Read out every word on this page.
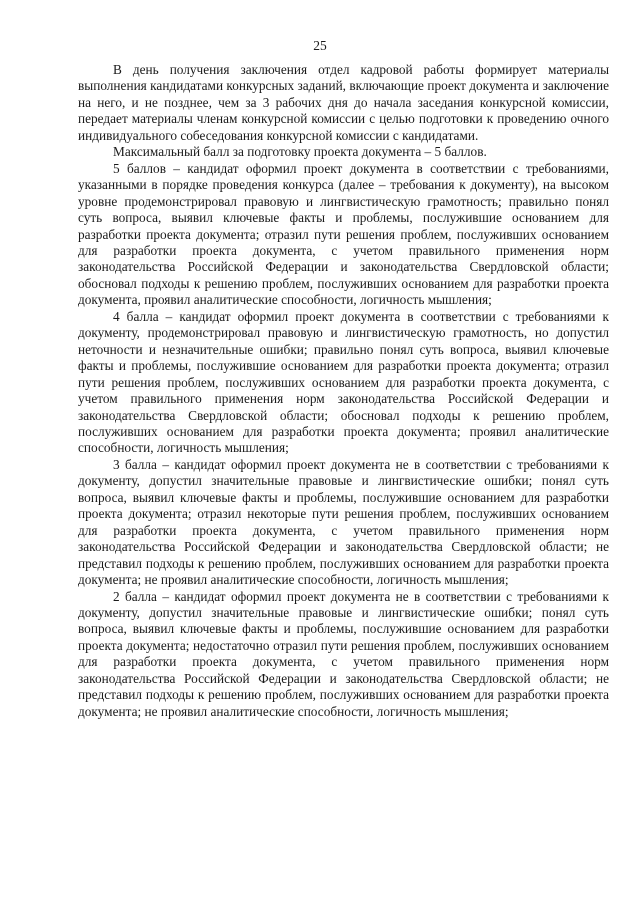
25

В день получения заключения отдел кадровой работы формирует материалы выполнения кандидатами конкурсных заданий, включающие проект документа и заключение на него, и не позднее, чем за 3 рабочих дня до начала заседания конкурсной комиссии, передает материалы членам конкурсной комиссии с целью подготовки к проведению очного индивидуального собеседования конкурсной комиссии с кандидатами.

Максимальный балл за подготовку проекта документа – 5 баллов.

5 баллов – кандидат оформил проект документа в соответствии с требованиями, указанными в порядке проведения конкурса (далее – требования к документу), на высоком уровне продемонстрировал правовую и лингвистическую грамотность; правильно понял суть вопроса, выявил ключевые факты и проблемы, послужившие основанием для разработки проекта документа; отразил пути решения проблем, послуживших основанием для разработки проекта документа, с учетом правильного применения норм законодательства Российской Федерации и законодательства Свердловской области; обосновал подходы к решению проблем, послуживших основанием для разработки проекта документа, проявил аналитические способности, логичность мышления;

4 балла – кандидат оформил проект документа в соответствии с требованиями к документу, продемонстрировал правовую и лингвистическую грамотность, но допустил неточности и незначительные ошибки; правильно понял суть вопроса, выявил ключевые факты и проблемы, послужившие основанием для разработки проекта документа; отразил пути решения проблем, послуживших основанием для разработки проекта документа, с учетом правильного применения норм законодательства Российской Федерации и законодательства Свердловской области; обосновал подходы к решению проблем, послуживших основанием для разработки проекта документа; проявил аналитические способности, логичность мышления;

3 балла – кандидат оформил проект документа не в соответствии с требованиями к документу, допустил значительные правовые и лингвистические ошибки; понял суть вопроса, выявил ключевые факты и проблемы, послужившие основанием для разработки проекта документа; отразил некоторые пути решения проблем, послуживших основанием для разработки проекта документа, с учетом правильного применения норм законодательства Российской Федерации и законодательства Свердловской области; не представил подходы к решению проблем, послуживших основанием для разработки проекта документа; не проявил аналитические способности, логичность мышления;

2 балла – кандидат оформил проект документа не в соответствии с требованиями к документу, допустил значительные правовые и лингвистические ошибки; понял суть вопроса, выявил ключевые факты и проблемы, послужившие основанием для разработки проекта документа; недостаточно отразил пути решения проблем, послуживших основанием для разработки проекта документа, с учетом правильного применения норм законодательства Российской Федерации и законодательства Свердловской области; не представил подходы к решению проблем, послуживших основанием для разработки проекта документа; не проявил аналитические способности, логичность мышления;
